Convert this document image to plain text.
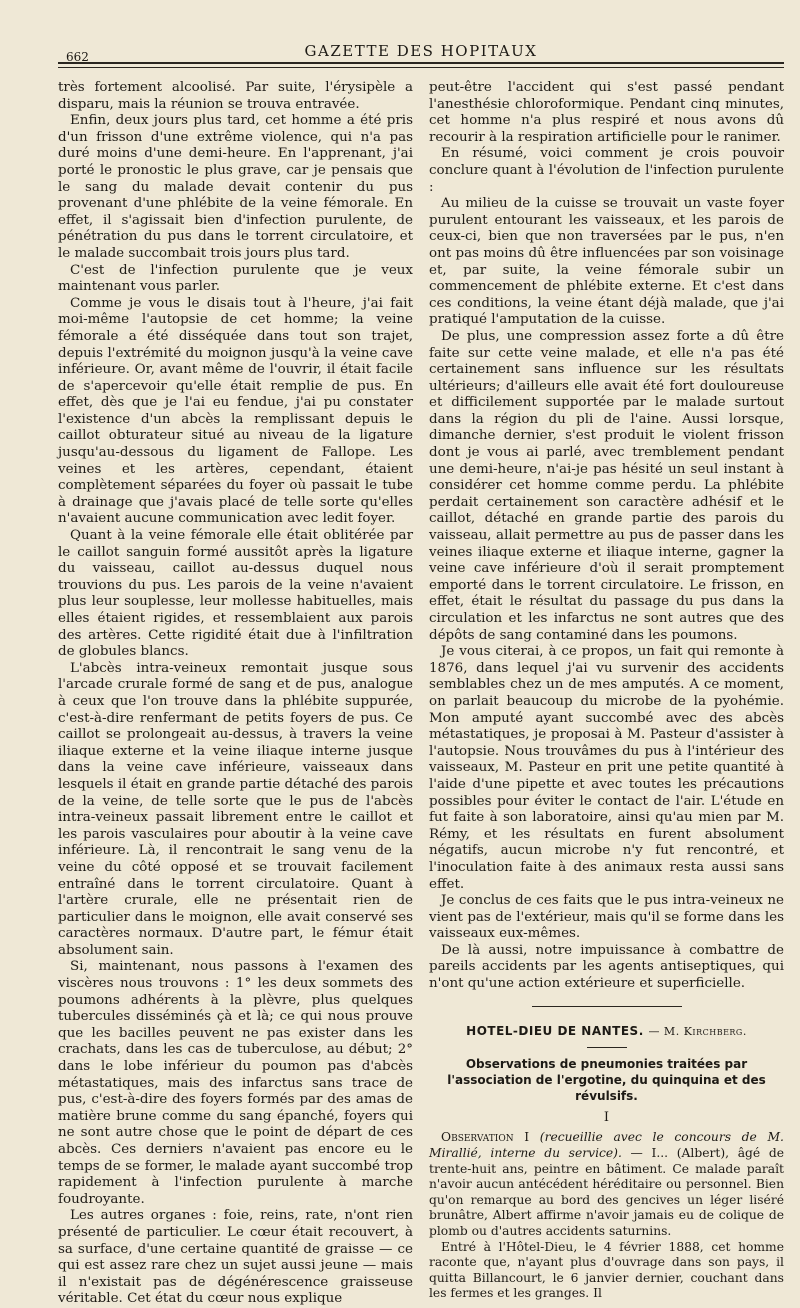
662	GAZETTE DES HOPITAUX

très fortement alcoolisé. Par suite, l'érysipèle a disparu, mais la réunion se trouva entravée.

Enfin, deux jours plus tard, cet homme a été pris d'un frisson d'une extrême violence, qui n'a pas duré moins d'une demi-heure. En l'apprenant, j'ai porté le pronostic le plus grave, car je pensais que le sang du malade devait contenir du pus provenant d'une phlébite de la veine fémorale. En effet, il s'agissait bien d'infection purulente, de pénétration du pus dans le torrent circulatoire, et le malade succombait trois jours plus tard.

C'est de l'infection purulente que je veux maintenant vous parler.

Comme je vous le disais tout à l'heure, j'ai fait moi-même l'autopsie de cet homme; la veine fémorale a été disséquée dans tout son trajet, depuis l'extrémité du moignon jusqu'à la veine cave inférieure. Or, avant même de l'ouvrir, il était facile de s'apercevoir qu'elle était remplie de pus. En effet, dès que je l'ai eu fendue, j'ai pu constater l'existence d'un abcès la remplissant depuis le caillot obturateur situé au niveau de la ligature jusqu'au-dessous du ligament de Fallope. Les veines et les artères, cependant, étaient complètement séparées du foyer où passait le tube à drainage que j'avais placé de telle sorte qu'elles n'avaient aucune communication avec ledit foyer.

Quant à la veine fémorale elle était oblitérée par le caillot sanguin formé aussitôt après la ligature du vaisseau, caillot au-dessus duquel nous trouvions du pus. Les parois de la veine n'avaient plus leur souplesse, leur mollesse habituelles, mais elles étaient rigides, et ressemblaient aux parois des artères. Cette rigidité était due à l'infiltration de globules blancs.

L'abcès intra-veineux remontait jusque sous l'arcade crurale formé de sang et de pus, analogue à ceux que l'on trouve dans la phlébite suppurée, c'est-à-dire renfermant de petits foyers de pus. Ce caillot se prolongeait au-dessus, à travers la veine iliaque externe et la veine iliaque interne jusque dans la veine cave inférieure, vaisseaux dans lesquels il était en grande partie détaché des parois de la veine, de telle sorte que le pus de l'abcès intra-veineux passait librement entre le caillot et les parois vasculaires pour aboutir à la veine cave inférieure. Là, il rencontrait le sang venu de la veine du côté opposé et se trouvait facilement entraîné dans le torrent circulatoire. Quant à l'artère crurale, elle ne présentait rien de particulier dans le moignon, elle avait conservé ses caractères normaux. D'autre part, le fémur était absolument sain.

Si, maintenant, nous passons à l'examen des viscères nous trouvons : 1° les deux sommets des poumons adhérents à la plèvre, plus quelques tubercules disséminés çà et là; ce qui nous prouve que les bacilles peuvent ne pas exister dans les crachats, dans les cas de tuberculose, au début; 2° dans le lobe inférieur du poumon pas d'abcès métastatiques, mais des infarctus sans trace de pus, c'est-à-dire des foyers formés par des amas de matière brune comme du sang épanché, foyers qui ne sont autre chose que le point de départ de ces abcès. Ces derniers n'avaient pas encore eu le temps de se former, le malade ayant succombé trop rapidement à l'infection purulente à marche foudroyante.

Les autres organes : foie, reins, rate, n'ont rien présenté de particulier. Le cœur était recouvert, à sa surface, d'une certaine quantité de graisse — ce qui est assez rare chez un sujet aussi jeune — mais il n'existait pas de dégénérescence graisseuse véritable. Cet état du cœur nous explique

peut-être l'accident qui s'est passé pendant l'anesthésie chloroformique. Pendant cinq minutes, cet homme n'a plus respiré et nous avons dû recourir à la respiration artificielle pour le ranimer.

En résumé, voici comment je crois pouvoir conclure quant à l'évolution de l'infection purulente :

Au milieu de la cuisse se trouvait un vaste foyer purulent entourant les vaisseaux, et les parois de ceux-ci, bien que non traversées par le pus, n'en ont pas moins dû être influencées par son voisinage et, par suite, la veine fémorale subir un commencement de phlébite externe. Et c'est dans ces conditions, la veine étant déjà malade, que j'ai pratiqué l'amputation de la cuisse.

De plus, une compression assez forte a dû être faite sur cette veine malade, et elle n'a pas été certainement sans influence sur les résultats ultérieurs; d'ailleurs elle avait été fort douloureuse et difficilement supportée par le malade surtout dans la région du pli de l'aine. Aussi lorsque, dimanche dernier, s'est produit le violent frisson dont je vous ai parlé, avec tremblement pendant une demi-heure, n'ai-je pas hésité un seul instant à considérer cet homme comme perdu. La phlébite perdait certainement son caractère adhésif et le caillot, détaché en grande partie des parois du vaisseau, allait permettre au pus de passer dans les veines iliaque externe et iliaque interne, gagner la veine cave inférieure d'où il serait promptement emporté dans le torrent circulatoire. Le frisson, en effet, était le résultat du passage du pus dans la circulation et les infarctus ne sont autres que des dépôts de sang contaminé dans les poumons.

Je vous citerai, à ce propos, un fait qui remonte à 1876, dans lequel j'ai vu survenir des accidents semblables chez un de mes amputés. A ce moment, on parlait beaucoup du microbe de la pyohémie. Mon amputé ayant succombé avec des abcès métastatiques, je proposai à M. Pasteur d'assister à l'autopsie. Nous trouvâmes du pus à l'intérieur des vaisseaux, M. Pasteur en prit une petite quantité à l'aide d'une pipette et avec toutes les précautions possibles pour éviter le contact de l'air. L'étude en fut faite à son laboratoire, ainsi qu'au mien par M. Rémy, et les résultats en furent absolument négatifs, aucun microbe n'y fut rencontré, et l'inoculation faite à des animaux resta aussi sans effet.

Je conclus de ces faits que le pus intra-veineux ne vient pas de l'extérieur, mais qu'il se forme dans les vaisseaux eux-mêmes.

De là aussi, notre impuissance à combattre de pareils accidents par les agents antiseptiques, qui n'ont qu'une action extérieure et superficielle.

HOTEL-DIEU DE NANTES. — M. Kirchberg.
Observations de pneumonies traitées par l'association de l'ergotine, du quinquina et des révulsifs.
I

Observation I (recueillie avec le concours de M. Mirallié, interne du service). — I... (Albert), âgé de trente-huit ans, peintre en bâtiment. Ce malade paraît n'avoir aucun antécédent héréditaire ou personnel. Bien qu'on remarque au bord des gencives un léger liséré brunâtre, Albert affirme n'avoir jamais eu de colique de plomb ou d'autres accidents saturnins.

Entré à l'Hôtel-Dieu, le 4 février 1888, cet homme raconte que, n'ayant plus d'ouvrage dans son pays, il quitta Billancourt, le 6 janvier dernier, couchant dans les fermes et les granges. Il
